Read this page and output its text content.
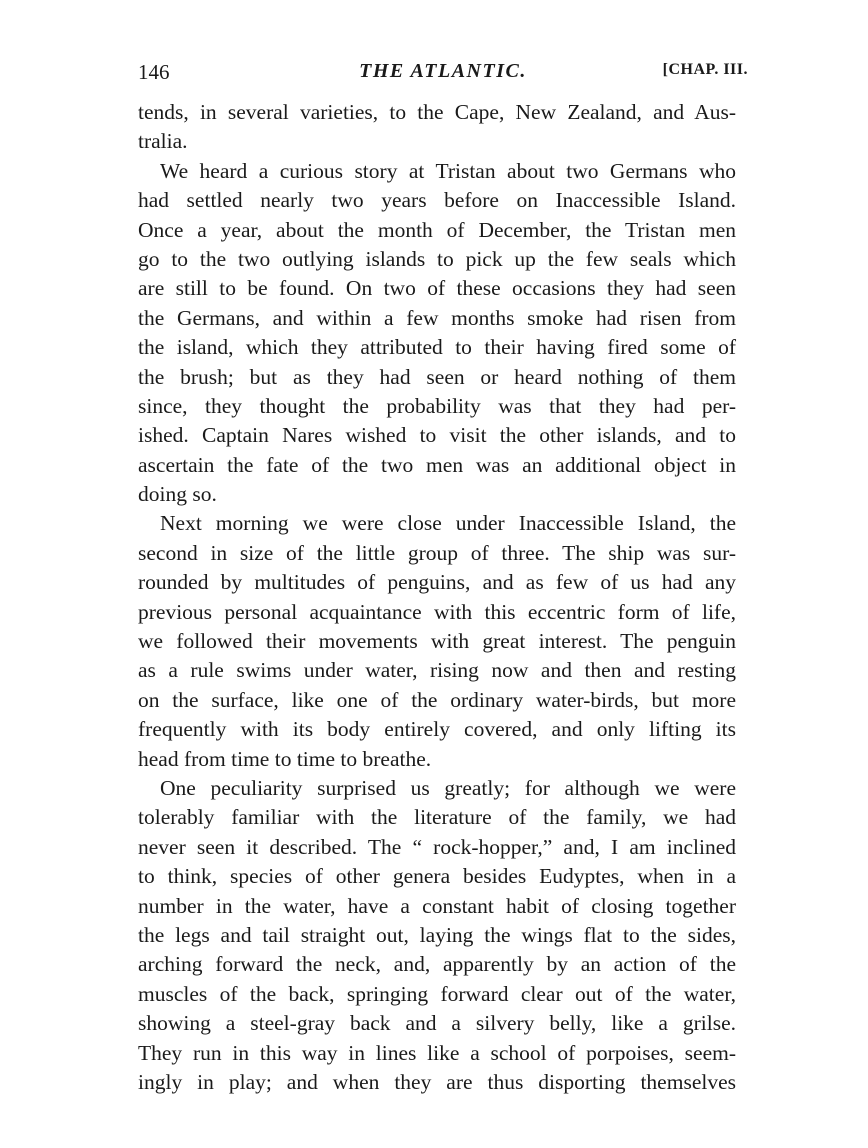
146	THE ATLANTIC.	[CHAP. III.
tends, in several varieties, to the Cape, New Zealand, and Aus-
tralia.
We heard a curious story at Tristan about two Germans who
had settled nearly two years before on Inaccessible Island.
Once a year, about the month of December, the Tristan men
go to the two outlying islands to pick up the few seals which
are still to be found. On two of these occasions they had seen
the Germans, and within a few months smoke had risen from
the island, which they attributed to their having fired some of
the brush; but as they had seen or heard nothing of them
since, they thought the probability was that they had per-
ished. Captain Nares wished to visit the other islands, and to
ascertain the fate of the two men was an additional object in
doing so.
Next morning we were close under Inaccessible Island, the
second in size of the little group of three. The ship was sur-
rounded by multitudes of penguins, and as few of us had any
previous personal acquaintance with this eccentric form of life,
we followed their movements with great interest. The penguin
as a rule swims under water, rising now and then and resting
on the surface, like one of the ordinary water-birds, but more
frequently with its body entirely covered, and only lifting its
head from time to time to breathe.
One peculiarity surprised us greatly; for although we were
tolerably familiar with the literature of the family, we had
never seen it described. The “ rock-hopper,” and, I am inclined
to think, species of other genera besides Eudyptes, when in a
number in the water, have a constant habit of closing together
the legs and tail straight out, laying the wings flat to the sides,
arching forward the neck, and, apparently by an action of the
muscles of the back, springing forward clear out of the water,
showing a steel-gray back and a silvery belly, like a grilse.
They run in this way in lines like a school of porpoises, seem-
ingly in play; and when they are thus disporting themselves
